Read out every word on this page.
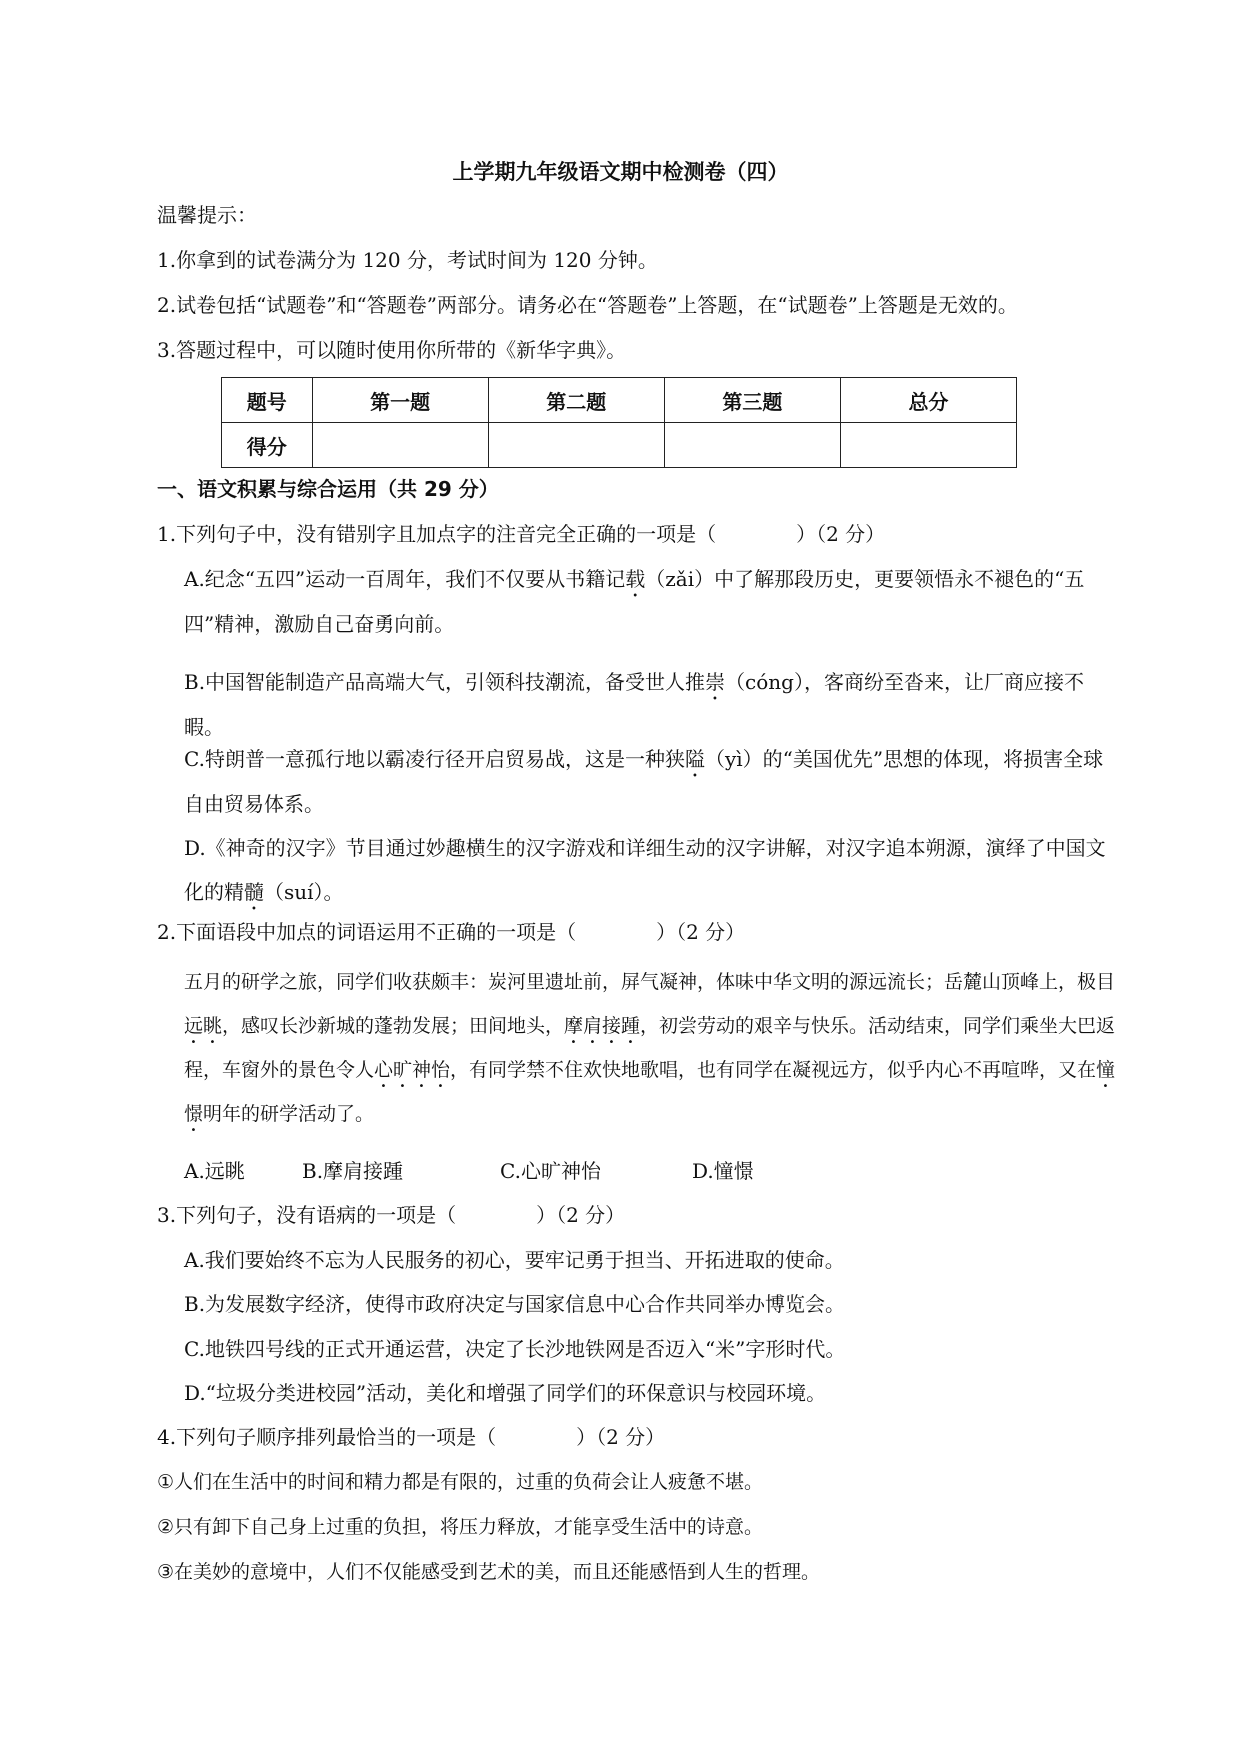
上学期九年级语文期中检测卷（四）
温馨提示：
1.你拿到的试卷满分为 120 分，考试时间为 120 分钟。
2.试卷包括“试题卷”和“答题卷”两部分。请务必在“答题卷”上答题，在“试题卷”上答题是无效的。
3.答题过程中，可以随时使用你所带的《新华字典》。
题号	第一题	第二题	第三题	总分
得分				
一、语文积累与综合运用（共 29 分）
1.下列句子中，没有错别字且加点字的注音完全正确的一项是（　　　　）（2 分）
A.纪念“五四”运动一百周年，我们不仅要从书籍记载（zǎi）中了解那段历史，更要领悟永不褪色的“五四”精神，激励自己奋勇向前。
B.中国智能制造产品高端大气，引领科技潮流，备受世人推崇（cóng），客商纷至沓来，让厂商应接不暇。
C.特朗普一意孤行地以霸凌行径开启贸易战，这是一种狭隘（yì）的“美国优先”思想的体现，将损害全球自由贸易体系。
D.《神奇的汉字》节目通过妙趣横生的汉字游戏和详细生动的汉字讲解，对汉字追本朔源，演绎了中国文化的精髓（suí）。
2.下面语段中加点的词语运用不正确的一项是（　　　　）（2 分）
五月的研学之旅，同学们收获颇丰：炭河里遗址前，屏气凝神，体味中华文明的源远流长；岳麓山顶峰上，极目远眺，感叹长沙新城的蓬勃发展；田间地头，摩肩接踵，初尝劳动的艰辛与快乐。活动结束，同学们乘坐大巴返程，车窗外的景色令人心旷神怡，有同学禁不住欢快地歌唱，也有同学在凝视远方，似乎内心不再喧哗，又在憧憬明年的研学活动了。
A.远眺	B.摩肩接踵	C.心旷神怡	D.憧憬
3.下列句子，没有语病的一项是（　　　　）（2 分）
A.我们要始终不忘为人民服务的初心，要牢记勇于担当、开拓进取的使命。
B.为发展数字经济，使得市政府决定与国家信息中心合作共同举办博览会。
C.地铁四号线的正式开通运营，决定了长沙地铁网是否迈入“米”字形时代。
D.“垃圾分类进校园”活动，美化和增强了同学们的环保意识与校园环境。
4.下列句子顺序排列最恰当的一项是（　　　　）（2 分）
①人们在生活中的时间和精力都是有限的，过重的负荷会让人疲惫不堪。
②只有卸下自己身上过重的负担，将压力释放，才能享受生活中的诗意。
③在美妙的意境中，人们不仅能感受到艺术的美，而且还能感悟到人生的哲理。
